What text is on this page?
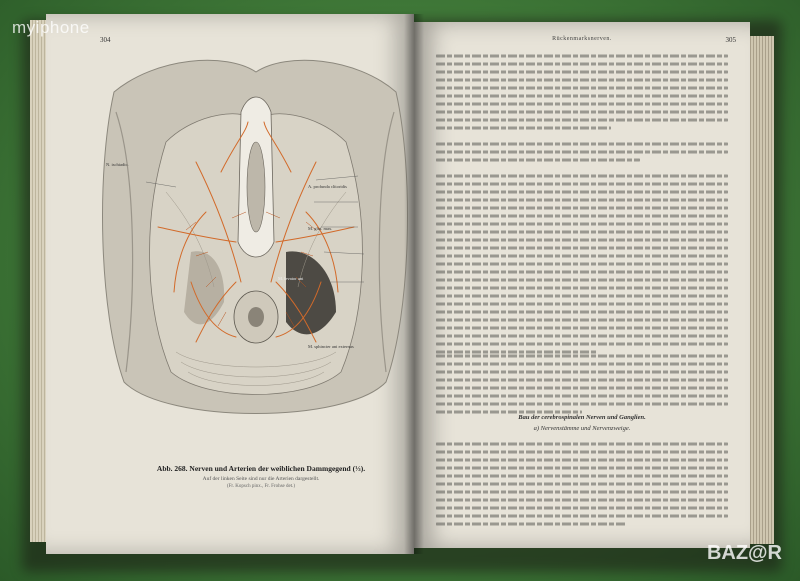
304
N. ischiadic.
A. profunda clitoridis
M. glut. max.
M. levator ani
M. sphincter ani externus
Abb. 268. Nerven und Arterien der weiblichen Dammgegend (⅓).
Auf der linken Seite sind nur die Arterien dargestellt.
(Fr. Kopsch pinx., Fr. Frohse det.)
Rückenmarksnerven.	305
Bau der cerebrospinalen Nerven und Ganglien.
a) Nervenstämme und Nervenzweige.
myiphone
BAZ@R
